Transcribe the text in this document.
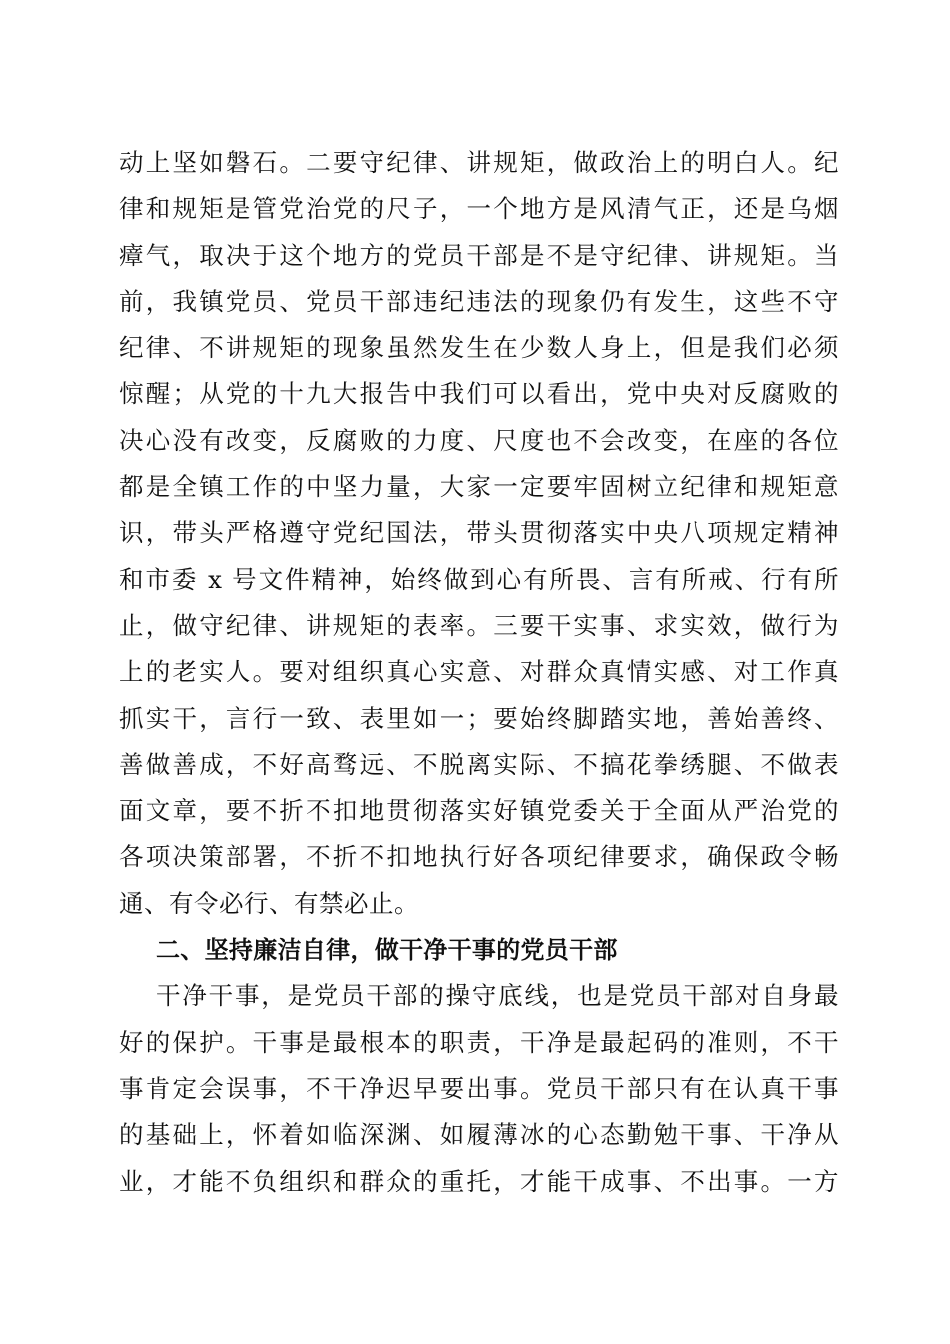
动上坚如磐石。二要守纪律、讲规矩，做政治上的明白人。纪
律和规矩是管党治党的尺子，一个地方是风清气正，还是乌烟
瘴气，取决于这个地方的党员干部是不是守纪律、讲规矩。当
前，我镇党员、党员干部违纪违法的现象仍有发生，这些不守
纪律、不讲规矩的现象虽然发生在少数人身上，但是我们必须
惊醒；从党的十九大报告中我们可以看出，党中央对反腐败的
决心没有改变，反腐败的力度、尺度也不会改变，在座的各位
都是全镇工作的中坚力量，大家一定要牢固树立纪律和规矩意
识，带头严格遵守党纪国法，带头贯彻落实中央八项规定精神
和市委 x 号文件精神，始终做到心有所畏、言有所戒、行有所
止，做守纪律、讲规矩的表率。三要干实事、求实效，做行为
上的老实人。要对组织真心实意、对群众真情实感、对工作真
抓实干，言行一致、表里如一；要始终脚踏实地，善始善终、
善做善成，不好高骛远、不脱离实际、不搞花拳绣腿、不做表
面文章，要不折不扣地贯彻落实好镇党委关于全面从严治党的
各项决策部署，不折不扣地执行好各项纪律要求，确保政令畅
通、有令必行、有禁必止。
二、坚持廉洁自律，做干净干事的党员干部
干净干事，是党员干部的操守底线，也是党员干部对自身最
好的保护。干事是最根本的职责，干净是最起码的准则，不干
事肯定会误事，不干净迟早要出事。党员干部只有在认真干事
的基础上，怀着如临深渊、如履薄冰的心态勤勉干事、干净从
业，才能不负组织和群众的重托，才能干成事、不出事。一方
